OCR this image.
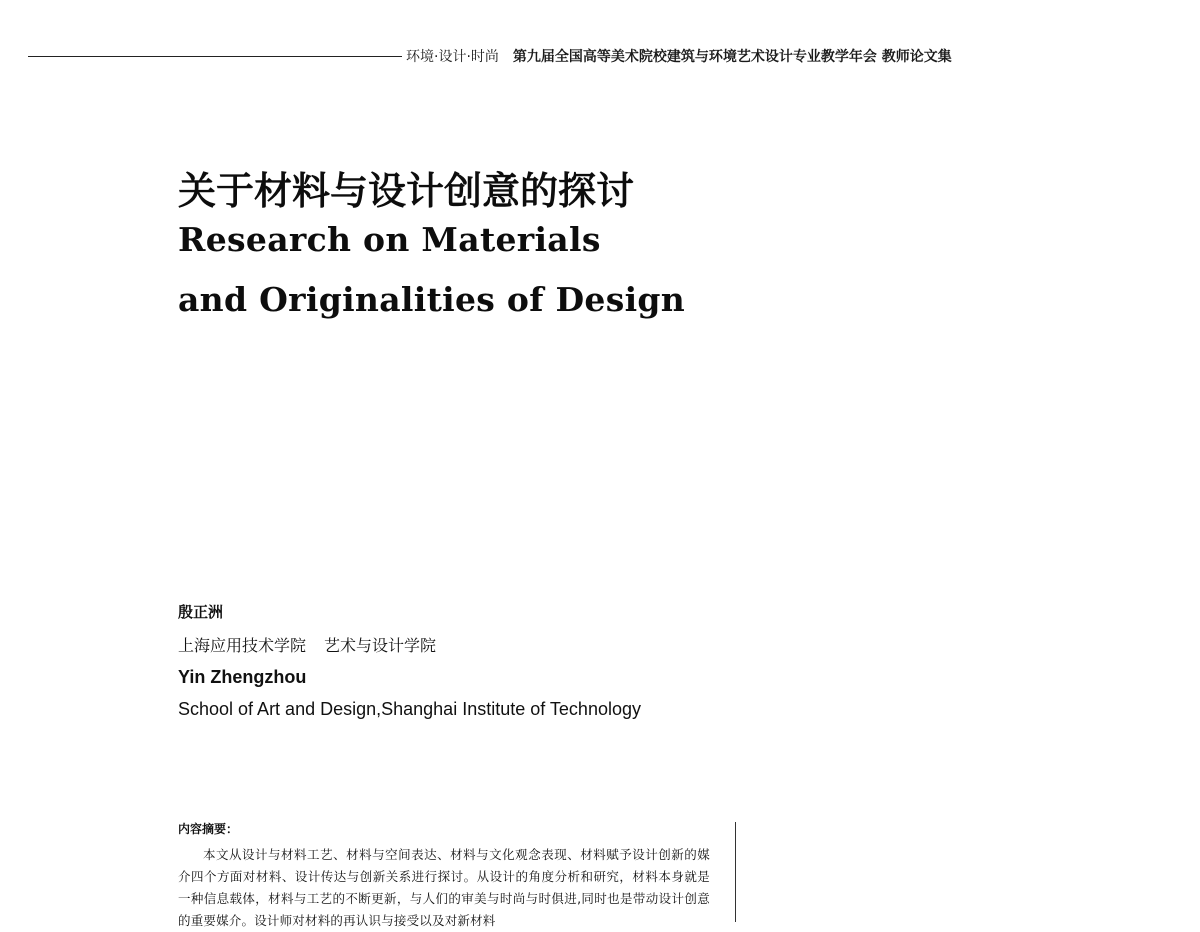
环境·设计·时尚 第九届全国高等美术院校建筑与环境艺术设计专业教学年会 教师论文集
关于材料与设计创意的探讨
Research on Materials
and Originalities of Design
殷正洲
上海应用技术学院 艺术与设计学院
Yin Zhengzhou
School of Art and Design,Shanghai Institute of Technology
内容摘要：
本文从设计与材料工艺、材料与空间表达、材料与文化观念表现、材料赋予设计创新的媒介四个方面对材料、设计传达与创新关系进行探讨。从设计的角度分析和研究，材料本身就是一种信息载体，材料与工艺的不断更新，与人们的审美与时尚与时俱进,同时也是带动设计创意的重要媒介。设计师对材料的再认识与接受以及对新材料
